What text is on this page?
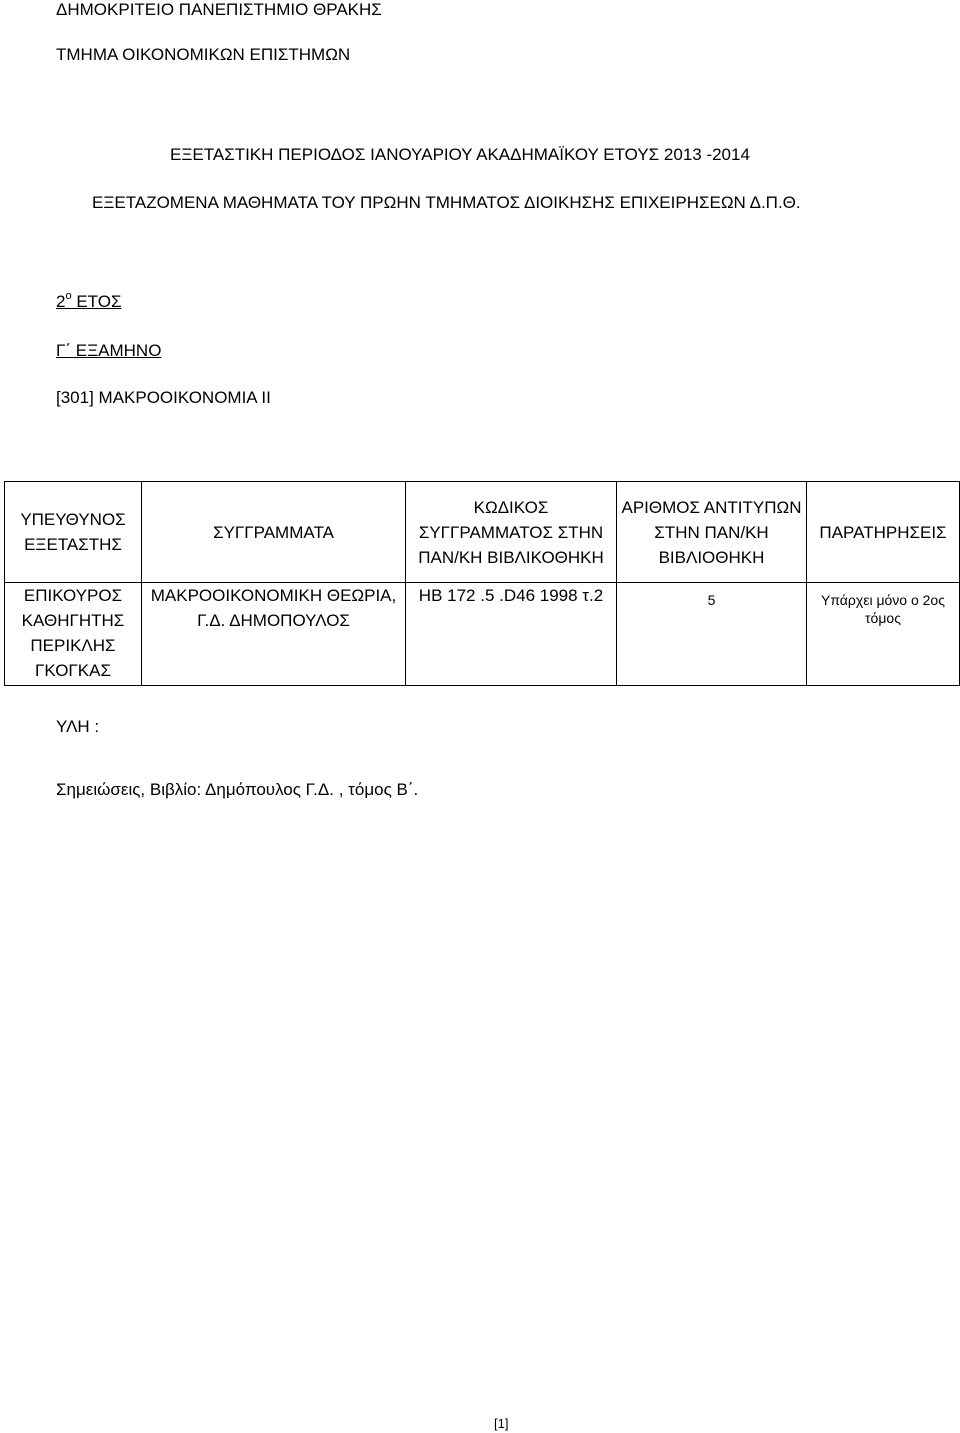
ΔΗΜΟΚΡΙΤΕΙΟ ΠΑΝΕΠΙΣΤΗΜΙΟ ΘΡΑΚΗΣ
ΤΜΗΜΑ ΟΙΚΟΝΟΜΙΚΩΝ ΕΠΙΣΤΗΜΩΝ
ΕΞΕΤΑΣΤΙΚΗ ΠΕΡΙΟΔΟΣ ΙΑΝΟΥΑΡΙΟΥ ΑΚΑΔΗΜΑΪΚΟΥ ΕΤΟΥΣ 2013 -2014
ΕΞΕΤΑΖΟΜΕΝΑ ΜΑΘΗΜΑΤΑ ΤΟΥ ΠΡΩΗΝ ΤΜΗΜΑΤΟΣ ΔΙΟΙΚΗΣΗΣ ΕΠΙΧΕΙΡΗΣΕΩΝ Δ.Π.Θ.
$2^o$ ΕΤΟΣ
Γ΄ ΕΞΑΜΗΝΟ
[301] ΜΑΚΡΟΟΙΚΟΝΟΜΙΑ ΙΙ
ΥΠΕΥΘΥΝΟΣ ΕΞΕΤΑΣΤΗΣ	ΣΥΓΓΡΑΜΜΑΤΑ	ΚΩΔΙΚΟΣ ΣΥΓΓΡΑΜΜΑΤΟΣ ΣΤΗΝ ΠΑΝ/ΚΗ ΒΙΒΛΙΚΟΘΗΚΗ	ΑΡΙΘΜΟΣ ΑΝΤΙΤΥΠΩΝ ΣΤΗΝ ΠΑΝ/ΚΗ ΒΙΒΛΙΟΘΗΚΗ	ΠΑΡΑΤΗΡΗΣΕΙΣ
ΕΠΙΚΟΥΡΟΣ ΚΑΘΗΓΗΤΗΣ ΠΕΡΙΚΛΗΣ ΓΚΟΓΚΑΣ	ΜΑΚΡΟΟΙΚΟΝΟΜΙΚΗ ΘΕΩΡΙΑ, Γ.Δ. ΔΗΜΟΠΟΥΛΟΣ	HB 172 .5 .D46 1998 τ.2	5	Υπάρχει μόνο ο 2ος τόμος
ΥΛΗ :
Σημειώσεις, Βιβλίο: Δημόπουλος Γ.Δ. , τόμος Β΄.
[1]
